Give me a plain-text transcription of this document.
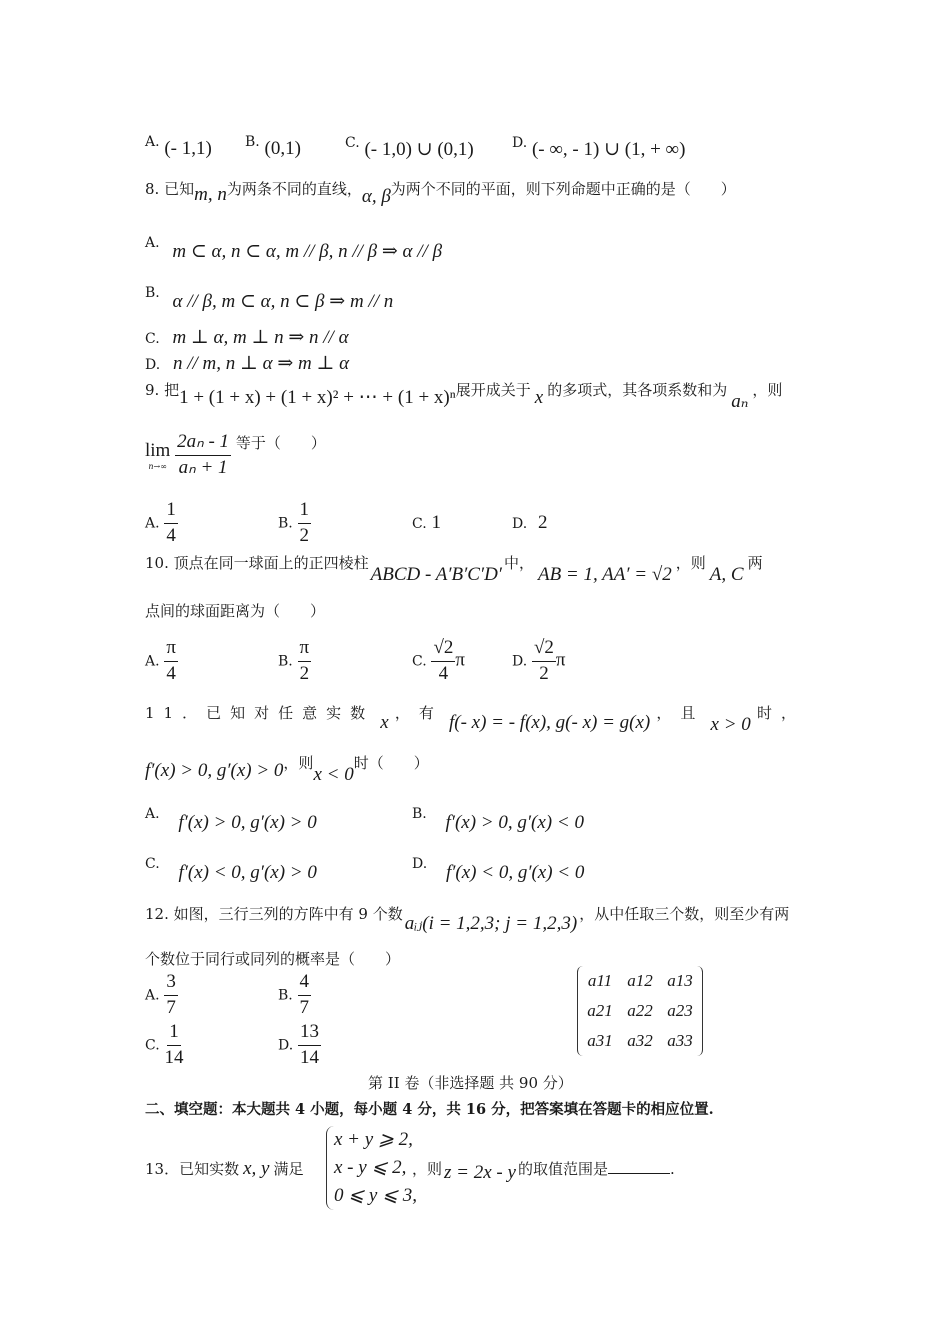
A. (- 1,1) B. (0,1)	C. (- 1,0) ∪ (0,1)	D. (- ∞, - 1) ∪ (1, + ∞)
8. 已知m, n为两条不同的直线，α, β为两个不同的平面，则下列命题中正确的是（　　）
A. m ⊂ α, n ⊂ α, m // β, n // β ⇒ α // β
B. α // β, m ⊂ α, n ⊂ β ⇒ m // n
C. m ⊥ α, m ⊥ n ⇒ n // α
D. n // m, n ⊥ α ⇒ m ⊥ α
9. 把1 + (1 + x) + (1 + x)² + ⋯ + (1 + x)ⁿ展开成关于 x 的多项式，其各项系数和为aₙ，则
lim
n→∞
$\frac{\text{2aₙ - 1}}{\text{aₙ + 1}}$ 等于（　　）
A. $\frac{1}{4}$	B. $\frac{1}{2}$	C. 1	D. 2
10. 顶点在同一球面上的正四棱柱ABCD - A′B′C′D′中，AB = 1, AA′ = √2，则A, C两
点间的球面距离为（　　）
A. $\frac{\pi}{4}$	B. $\frac{\pi}{2}$	C. $\frac{√2}{4}$ π	D. $\frac{√2}{2}$ π
11．已知对任意实数 x ，有 f(- x) = - f(x), g(- x) = g(x) ，且
x > 0
时，
f′(x) > 0, g′(x) > 0，则x < 0时（　　）
A. f′(x) > 0, g′(x) > 0	B. f′(x) > 0, g′(x) < 0
C. f′(x) < 0, g′(x) > 0	D. f′(x) < 0, g′(x) < 0
12. 如图，三行三列的方阵中有 9 个数 aᵢⱼ(i = 1,2,3; j = 1,2,3) ，从中任取三个数，则至少有两
个数位于同行或同列的概率是（　　）
A. $\frac{3}{7}$	B. $\frac{4}{7}$
C. $\frac{1}{14}$	D. $\frac{13}{14}$
a11 a12 a13
a21 a22 a23
a31 a32 a33
第 II 卷（非选择题 共 90 分）
二、填空题：本大题共 4 小题，每小题 4 分，共 16 分，把答案填在答题卡的相应位置.
13．已知实数 x, y 满足
x + y ⩾ 2,
x - y ⩽ 2,
0 ⩽ y ⩽ 3,
，则 z = 2x - y 的取值范围是	.
